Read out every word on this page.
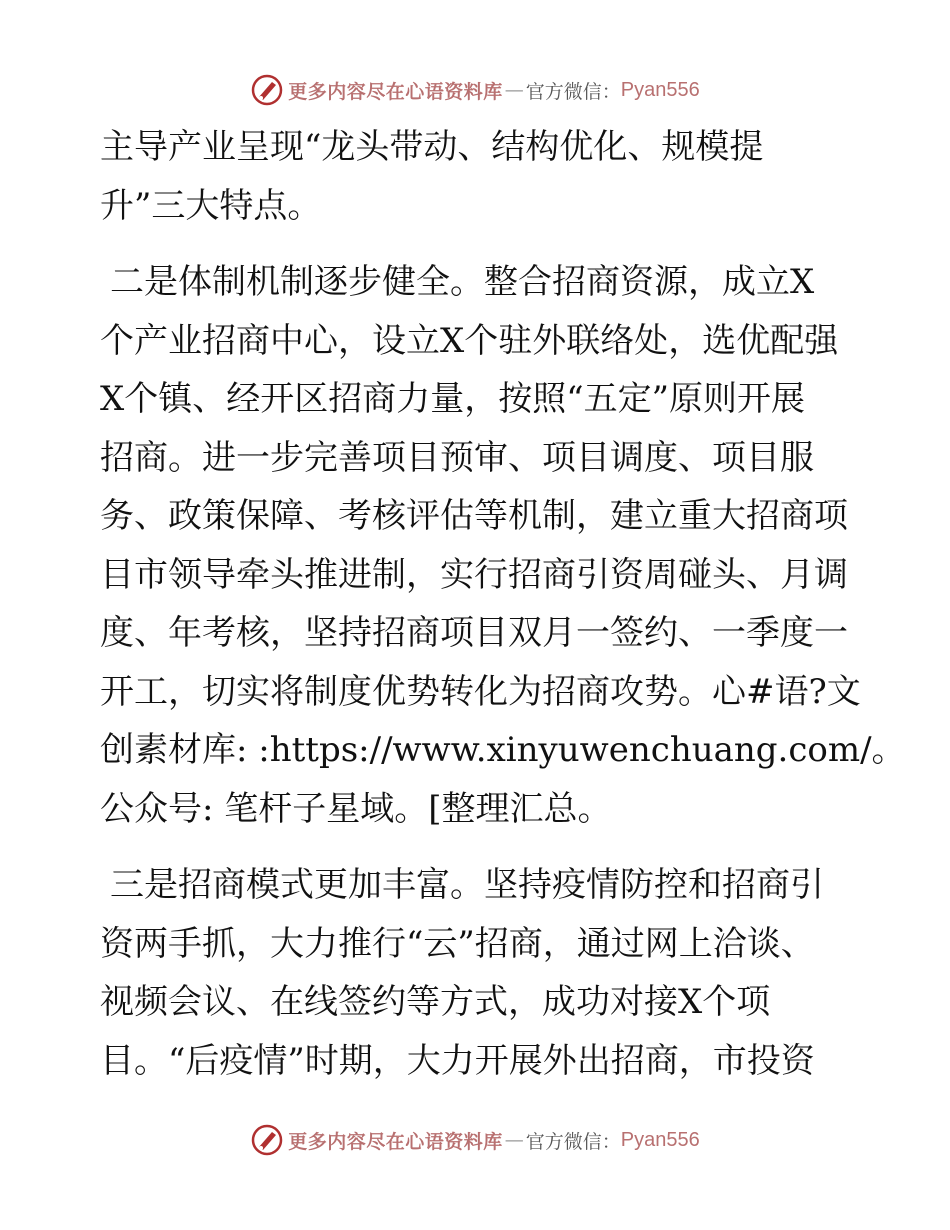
更多内容尽在心语资料库 — 官方微信： Pyan556
主导产业呈现“龙头带动、结构优化、规模提
升”三大特点。
二是体制机制逐步健全。整合招商资源，成立X
个产业招商中心，设立X个驻外联络处，选优配强
X个镇、经开区招商力量，按照“五定”原则开展
招商。进一步完善项目预审、项目调度、项目服
务、政策保障、考核评估等机制，建立重大招商项
目市领导牵头推进制，实行招商引资周碰头、月调
度、年考核，坚持招商项目双月一签约、一季度一
开工，切实将制度优势转化为招商攻势。心#语?文
创素材库: :https://www.xinyuwenchuang.com/。
公众号: 笔杆子星域。[整理汇总。
三是招商模式更加丰富。坚持疫情防控和招商引
资两手抓，大力推行“云”招商，通过网上洽谈、
视频会议、在线签约等方式，成功对接X个项
目。“后疫情”时期，大力开展外出招商，市投资
更多内容尽在心语资料库 — 官方微信： Pyan556
